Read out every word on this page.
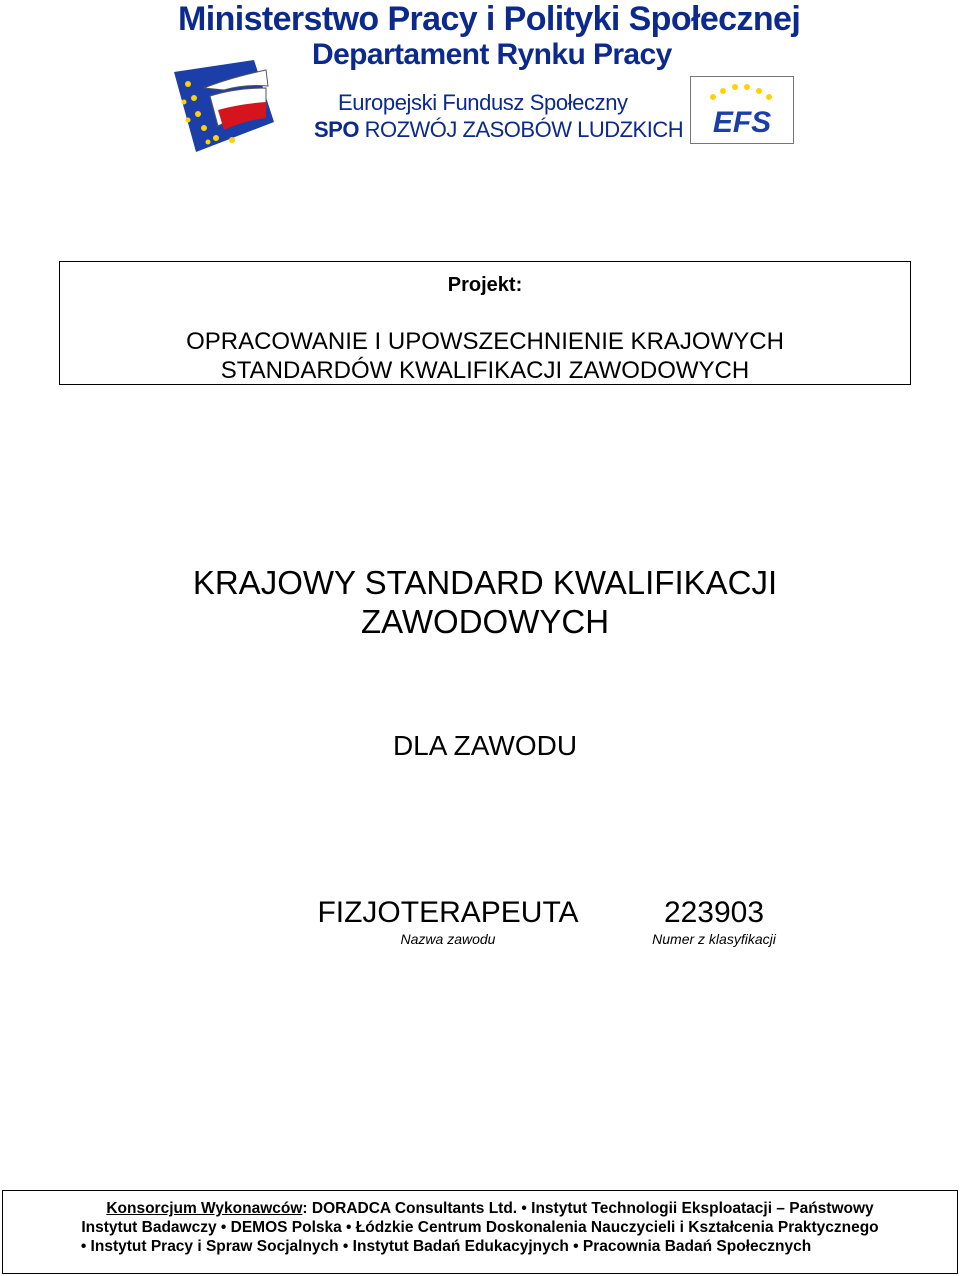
Ministerstwo Pracy i Polityki Społecznej
Departament Rynku Pracy
Europejski Fundusz Społeczny
SPO ROZWÓJ ZASOBÓW LUDZKICH EFS
Projekt:
OPRACOWANIE I UPOWSZECHNIENIE KRAJOWYCH
STANDARDÓW KWALIFIKACJI ZAWODOWYCH
KRAJOWY STANDARD KWALIFIKACJI
ZAWODOWYCH
DLA ZAWODU
FIZJOTERAPEUTA
Nazwa zawodu
223903
Numer z klasyfikacji
Konsorcjum Wykonawców: DORADCA Consultants Ltd. • Instytut Technologii Eksploatacji – Państwowy
Instytut Badawczy • DEMOS Polska • Łódzkie Centrum Doskonalenia Nauczycieli i Kształcenia Praktycznego
• Instytut Pracy i Spraw Socjalnych • Instytut Badań Edukacyjnych • Pracownia Badań Społecznych
